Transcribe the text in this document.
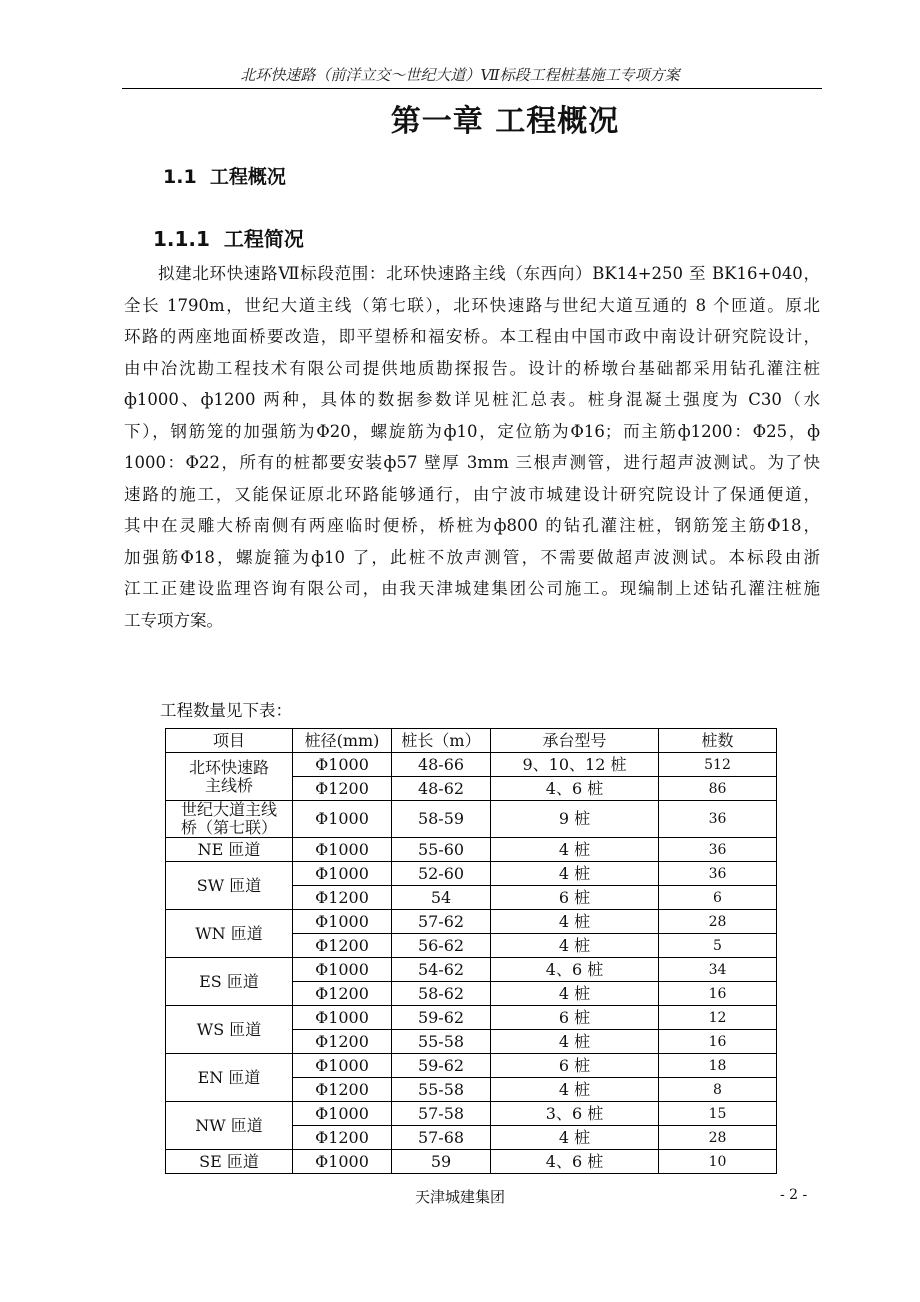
北环快速路（前洋立交～世纪大道）Ⅶ标段工程桩基施工专项方案
第一章 工程概况
1.1 工程概况
1.1.1 工程简况
拟建北环快速路Ⅶ标段范围：北环快速路主线（东西向）BK14+250 至 BK16+040，
全长 1790m，世纪大道主线（第七联），北环快速路与世纪大道互通的 8 个匝道。原北
环路的两座地面桥要改造，即平望桥和福安桥。本工程由中国市政中南设计研究院设计，
由中冶沈勘工程技术有限公司提供地质勘探报告。设计的桥墩台基础都采用钻孔灌注桩
ф1000、ф1200 两种，具体的数据参数详见桩汇总表。桩身混凝土强度为 C30（水
下），钢筋笼的加强筋为Φ20，螺旋筋为ф10，定位筋为Φ16；而主筋ф1200：Φ25，ф
1000：Φ22，所有的桩都要安装ф57 壁厚 3mm 三根声测管，进行超声波测试。为了快
速路的施工，又能保证原北环路能够通行，由宁波市城建设计研究院设计了保通便道，
其中在灵雕大桥南侧有两座临时便桥，桥桩为ф800 的钻孔灌注桩，钢筋笼主筋Φ18，
加强筋Φ18，螺旋箍为ф10 了，此桩不放声测管，不需要做超声波测试。本标段由浙
江工正建设监理咨询有限公司，由我天津城建集团公司施工。现编制上述钻孔灌注桩施
工专项方案。
工程数量见下表：
项目	桩径(mm)	桩长（m）	承台型号	桩数

北环快速路
主线桥	Φ1000	48-66	9、10、12 桩	512
	Φ1200	48-62	4、6 桩	86

世纪大道主线
桥（第七联）	Φ1000	58-59	9 桩	36

NE 匝道	Φ1000	55-60	4 桩	36

SW 匝道	Φ1000	52-60	4 桩	36
	Φ1200	54	6 桩	6

WN 匝道	Φ1000	57-62	4 桩	28
	Φ1200	56-62	4 桩	5

ES 匝道	Φ1000	54-62	4、6 桩	34
	Φ1200	58-62	4 桩	16

WS 匝道	Φ1000	59-62	6 桩	12
	Φ1200	55-58	4 桩	16

EN 匝道	Φ1000	59-62	6 桩	18
	Φ1200	55-58	4 桩	8

NW 匝道	Φ1000	57-58	3、6 桩	15
	Φ1200	57-68	4 桩	28

SE 匝道	Φ1000	59	4、6 桩	10
天津城建集团	- 2 -
